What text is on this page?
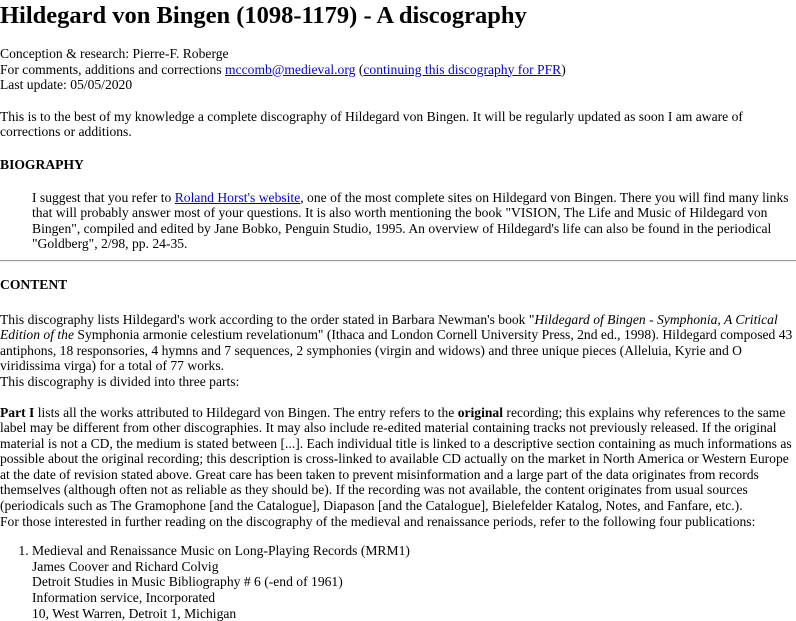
Hildegard von Bingen (1098-1179) - A discography

Conception & research: Pierre-F. Roberge
For comments, additions and corrections mccomb@medieval.org (continuing this discography for PFR)
Last update: 05/05/2020

This is to the best of my knowledge a complete discography of Hildegard von Bingen. It will be regularly updated as soon I am aware of corrections or additions.

BIOGRAPHY

I suggest that you refer to Roland Horst's website, one of the most complete sites on Hildegard von Bingen. There you will find many links that will probably answer most of your questions. It is also worth mentioning the book "VISION, The Life and Music of Hildegard von Bingen", compiled and edited by Jane Bobko, Penguin Studio, 1995. An overview of Hildegard's life can also be found in the periodical "Goldberg", 2/98, pp. 24-35.

CONTENT

This discography lists Hildegard's work according to the order stated in Barbara Newman's book "Hildegard of Bingen - Symphonia, A Critical Edition of the Symphonia armonie celestium revelationum" (Ithaca and London Cornell University Press, 2nd ed., 1998). Hildegard composed 43 antiphons, 18 responsories, 4 hymns and 7 sequences, 2 symphonies (virgin and widows) and three unique pieces (Alleluia, Kyrie and O viridissima virga) for a total of 77 works.

This discography is divided into three parts:

Part I lists all the works attributed to Hildegard von Bingen. The entry refers to the original recording; this explains why references to the same label may be different from other discographies. It may also include re-edited material containing tracks not previously released. If the original material is not a CD, the medium is stated between [...]. Each individual title is linked to a descriptive section containing as much informations as possible about the original recording; this description is cross-linked to available CD actually on the market in North America or Western Europe at the date of revision stated above. Great care has been taken to prevent misinformation and a large part of the data originates from records themselves (although often not as reliable as they should be). If the recording was not available, the content originates from usual sources (periodicals such as The Gramophone [and the Catalogue], Diapason [and the Catalogue], Bielefelder Katalog, Notes, and Fanfare, etc.).
For those interested in further reading on the discography of the medieval and renaissance periods, refer to the following four publications:

1. Medieval and Renaissance Music on Long-Playing Records (MRM1)
James Coover and Richard Colvig
Detroit Studies in Music Bibliography # 6 (-end of 1961)
Information service, Incorporated
10, West Warren, Detroit 1, Michigan
